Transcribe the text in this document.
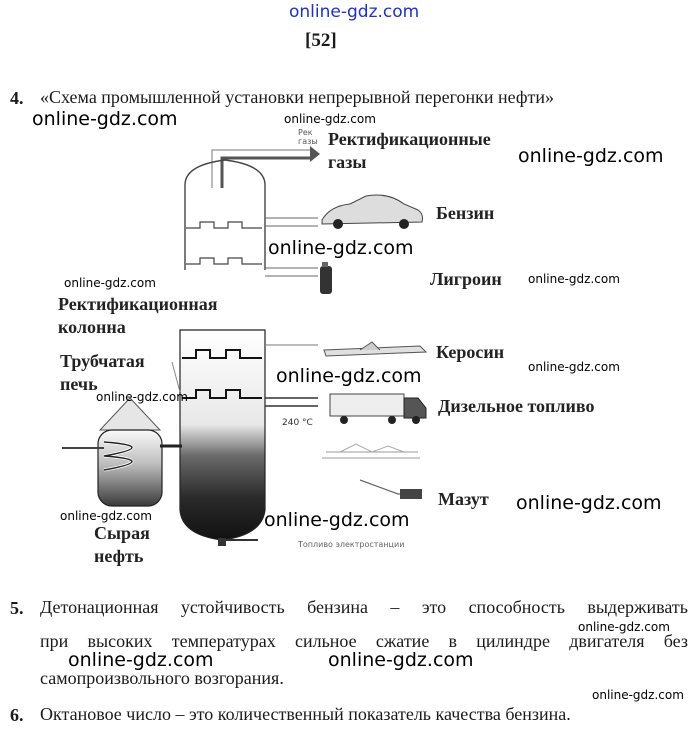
online-gdz.com
[52]
4. «Схема промышленной установки непрерывной перегонки нефти»
Рек газы Ректификационные
газы
Бензин
Лигроин
Ректификационная
колонна
Трубчатая
печь
Керосин
Дизельное топливо
240 °C
Мазут
Сырая
нефть
Топливо электростанции
5. Детонационная устойчивость бензина – это способность выдерживать
при высоких температурах сильное сжатие в цилиндре двигателя без
самопроизвольного возгорания.
6. Октановое число – это количественный показатель качества бензина.
online-gdz.com	online-gdz.com
online-gdz.com
online-gdz.com
online-gdz.com
online-gdz.com
online-gdz.com
online-gdz.com
online-gdz.com
online-gdz.com
online-gdz.com	online-gdz.com
online-gdz.com
online-gdz.com	online-gdz.com
online-gdz.com
